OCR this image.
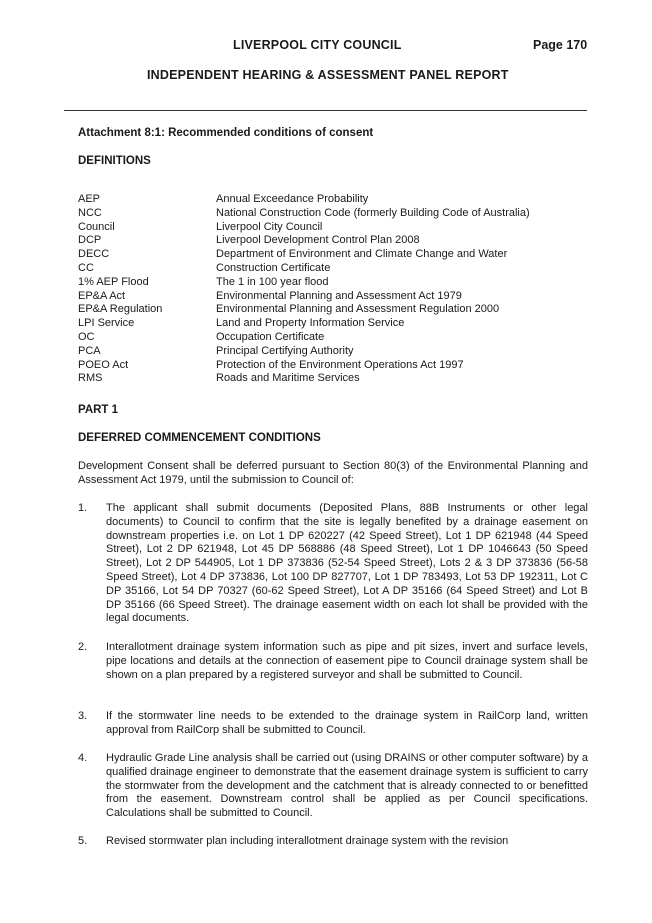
LIVERPOOL CITY COUNCIL	Page 170
INDEPENDENT HEARING & ASSESSMENT PANEL REPORT
Attachment 8:1: Recommended conditions of consent
DEFINITIONS
AEP	Annual Exceedance Probability
NCC	National Construction Code (formerly Building Code of Australia)
Council	Liverpool City Council
DCP	Liverpool Development Control Plan 2008
DECC	Department of Environment and Climate Change and Water
CC	Construction Certificate
1% AEP Flood	The 1 in 100 year flood
EP&A Act	Environmental Planning and Assessment Act 1979
EP&A Regulation	Environmental Planning and Assessment Regulation 2000
LPI Service	Land and Property Information Service
OC	Occupation Certificate
PCA	Principal Certifying Authority
POEO Act	Protection of the Environment Operations Act 1997
RMS	Roads and Maritime Services
PART 1
DEFERRED COMMENCEMENT CONDITIONS
Development Consent shall be deferred pursuant to Section 80(3) of the Environmental Planning and Assessment Act 1979, until the submission to Council of:
1. The applicant shall submit documents (Deposited Plans, 88B Instruments or other legal documents) to Council to confirm that the site is legally benefited by a drainage easement on downstream properties i.e. on Lot 1 DP 620227 (42 Speed Street), Lot 1 DP 621948 (44 Speed Street), Lot 2 DP 621948, Lot 45 DP 568886 (48 Speed Street), Lot 1 DP 1046643 (50 Speed Street), Lot 2 DP 544905, Lot 1 DP 373836 (52-54 Speed Street), Lots 2 & 3 DP 373836 (56-58 Speed Street), Lot 4 DP 373836, Lot 100 DP 827707, Lot 1 DP 783493, Lot 53 DP 192311, Lot C DP 35166, Lot 54 DP 70327 (60-62 Speed Street), Lot A DP 35166 (64 Speed Street) and Lot B DP 35166 (66 Speed Street). The drainage easement width on each lot shall be provided with the legal documents.
2. Interallotment drainage system information such as pipe and pit sizes, invert and surface levels, pipe locations and details at the connection of easement pipe to Council drainage system shall be shown on a plan prepared by a registered surveyor and shall be submitted to Council.
3. If the stormwater line needs to be extended to the drainage system in RailCorp land, written approval from RailCorp shall be submitted to Council.
4. Hydraulic Grade Line analysis shall be carried out (using DRAINS or other computer software) by a qualified drainage engineer to demonstrate that the easement drainage system is sufficient to carry the stormwater from the development and the catchment that is already connected to or benefitted from the easement. Downstream control shall be applied as per Council specifications. Calculations shall be submitted to Council.
5. Revised stormwater plan including interallotment drainage system with the revision
